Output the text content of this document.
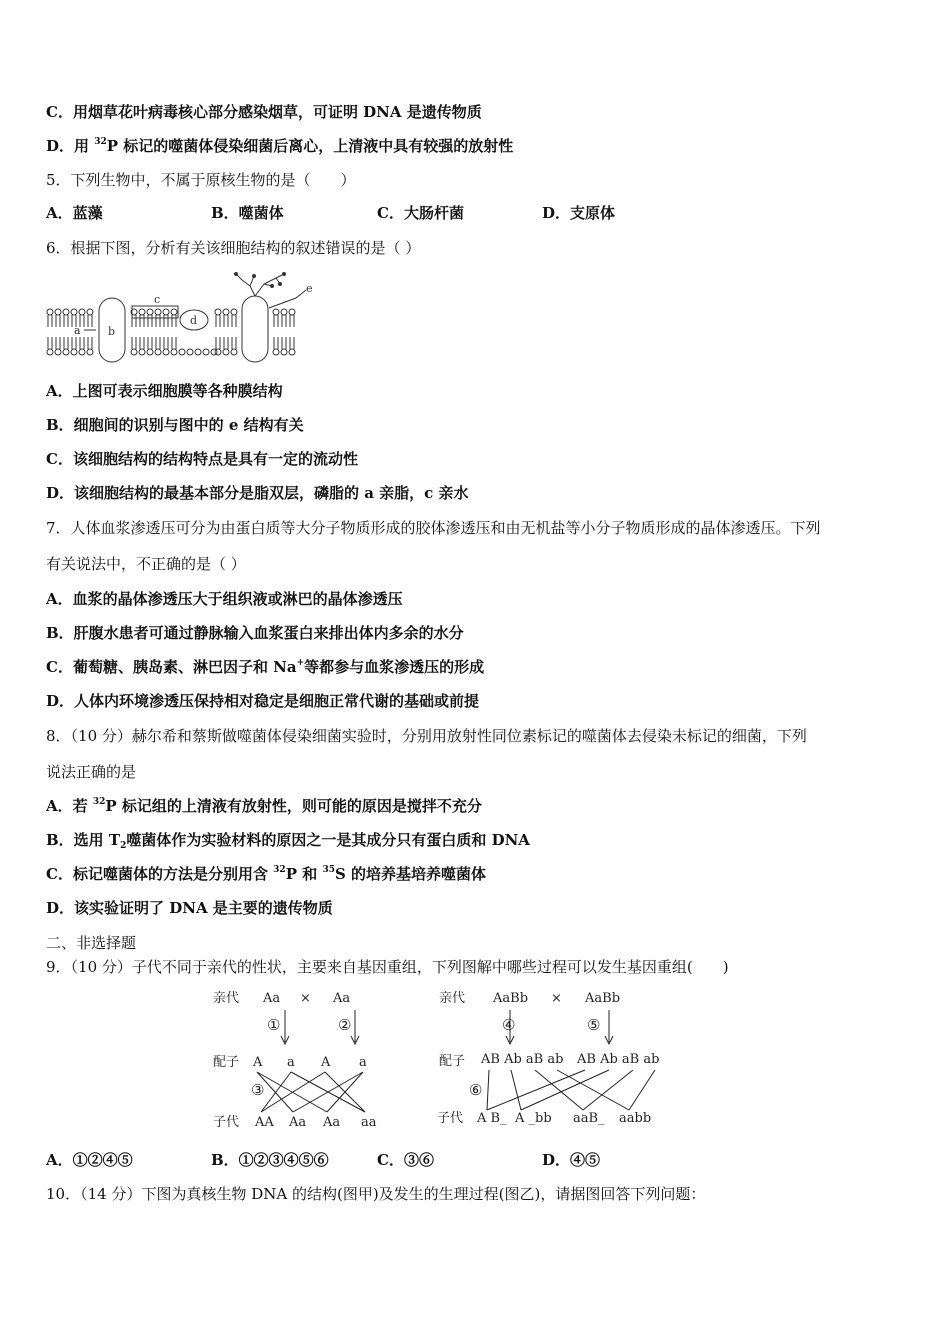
C．用烟草花叶病毒核心部分感染烟草，可证明 DNA 是遗传物质
D．用 $^{32}$P 标记的噬菌体侵染细菌后离心，上清液中具有较强的放射性
5．下列生物中，不属于原核生物的是（　　）
A．蓝藻	B．噬菌体	C．大肠杆菌	D．支原体
6．根据下图，分析有关该细胞结构的叙述错误的是（ ）
a b
c
d
e
A．上图可表示细胞膜等各种膜结构
B．细胞间的识别与图中的 e 结构有关
C．该细胞结构的结构特点是具有一定的流动性
D．该细胞结构的最基本部分是脂双层，磷脂的 a 亲脂，c 亲水
7．人体血浆渗透压可分为由蛋白质等大分子物质形成的胶体渗透压和由无机盐等小分子物质形成的晶体渗透压。下列
有关说法中，不正确的是（ ）
A．血浆的晶体渗透压大于组织液或淋巴的晶体渗透压
B．肝腹水患者可通过静脉输入血浆蛋白来排出体内多余的水分
C．葡萄糖、胰岛素、淋巴因子和 Na+等都参与血浆渗透压的形成
D．人体内环境渗透压保持相对稳定是细胞正常代谢的基础或前提
8．（10 分）赫尔希和蔡斯做噬菌体侵染细菌实验时，分别用放射性同位素标记的噬菌体去侵染未标记的细菌，下列
说法正确的是
A．若 $^{32}$P 标记组的上清液有放射性，则可能的原因是搅拌不充分
B．选用 $T_2$噬菌体作为实验材料的原因之一是其成分只有蛋白质和 DNA
C．标记噬菌体的方法是分别用含 $^{32}$P 和 $^{35}$S 的培养基培养噬菌体
D．该实验证明了 DNA 是主要的遗传物质
二、非选择题
9．（10 分）子代不同于亲代的性状，主要来自基因重组，下列图解中哪些过程可以发生基因重组(　　)
亲代 Aa × Aa
①	②
配子 A a A a
③
子代 AA Aa Aa aa
亲代 AaBb × AaBb
④	⑤
配子 AB Ab aB ab AB Ab aB ab
⑥
子代 A B_ A _bb aaB_ aabb
A．①②④⑤	B．①②③④⑤⑥	C．③⑥	D．④⑤
10．（14 分）下图为真核生物 DNA 的结构(图甲)及发生的生理过程(图乙)，请据图回答下列问题：
